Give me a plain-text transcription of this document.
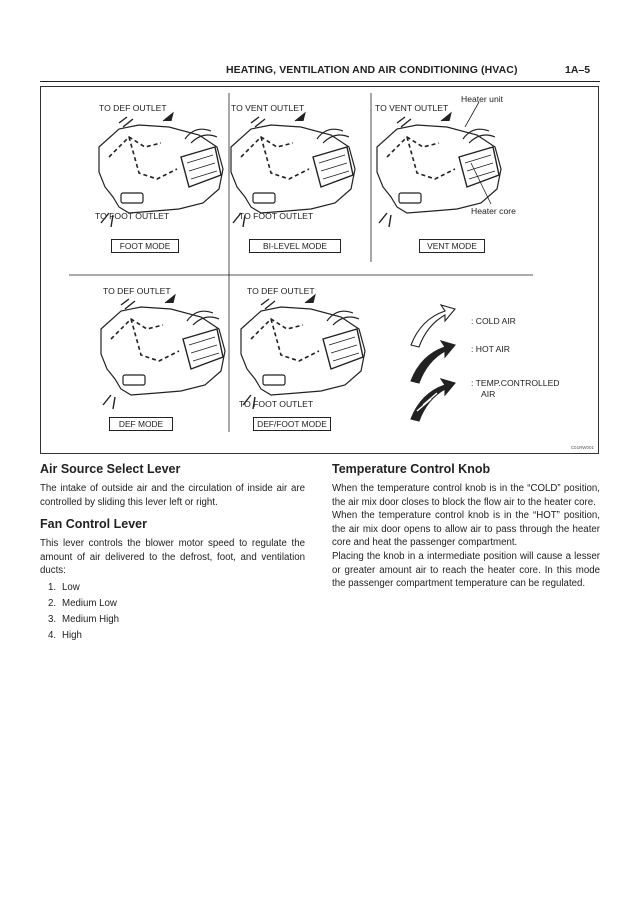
HEATING, VENTILATION AND AIR CONDITIONING (HVAC)	1A–5
TO DEF OUTLET	TO VENT OUTLET	TO VENT OUTLET
Heater unit
TO FOOT OUTLET	TO FOOT OUTLET	Heater core
TO DEF OUTLET	TO DEF OUTLET
TO FOOT OUTLET
: COLD AIR
: HOT AIR
: TEMP.CONTROLLED
AIR
FOOT MODE	BI-LEVEL MODE	VENT MODE
DEF MODE	DEF/FOOT MODE
C01RW001
Air Source Select Lever

The intake of outside air and the circulation of inside air are controlled by sliding this lever left or right.

Fan Control Lever

This lever controls the blower motor speed to regulate the amount of air delivered to the defrost, foot, and ventilation ducts:

1. Low
2. Medium Low
3. Medium High
4. High
Temperature Control Knob

When the temperature control knob is in the “COLD” position, the air mix door closes to block the flow air to the heater core.

When the temperature control knob is in the “HOT” position, the air mix door opens to allow air to pass through the heater core and heat the passenger compartment.

Placing the knob in a intermediate position will cause a lesser or greater amount air to reach the heater core. In this mode the passenger compartment temperature can be regulated.
